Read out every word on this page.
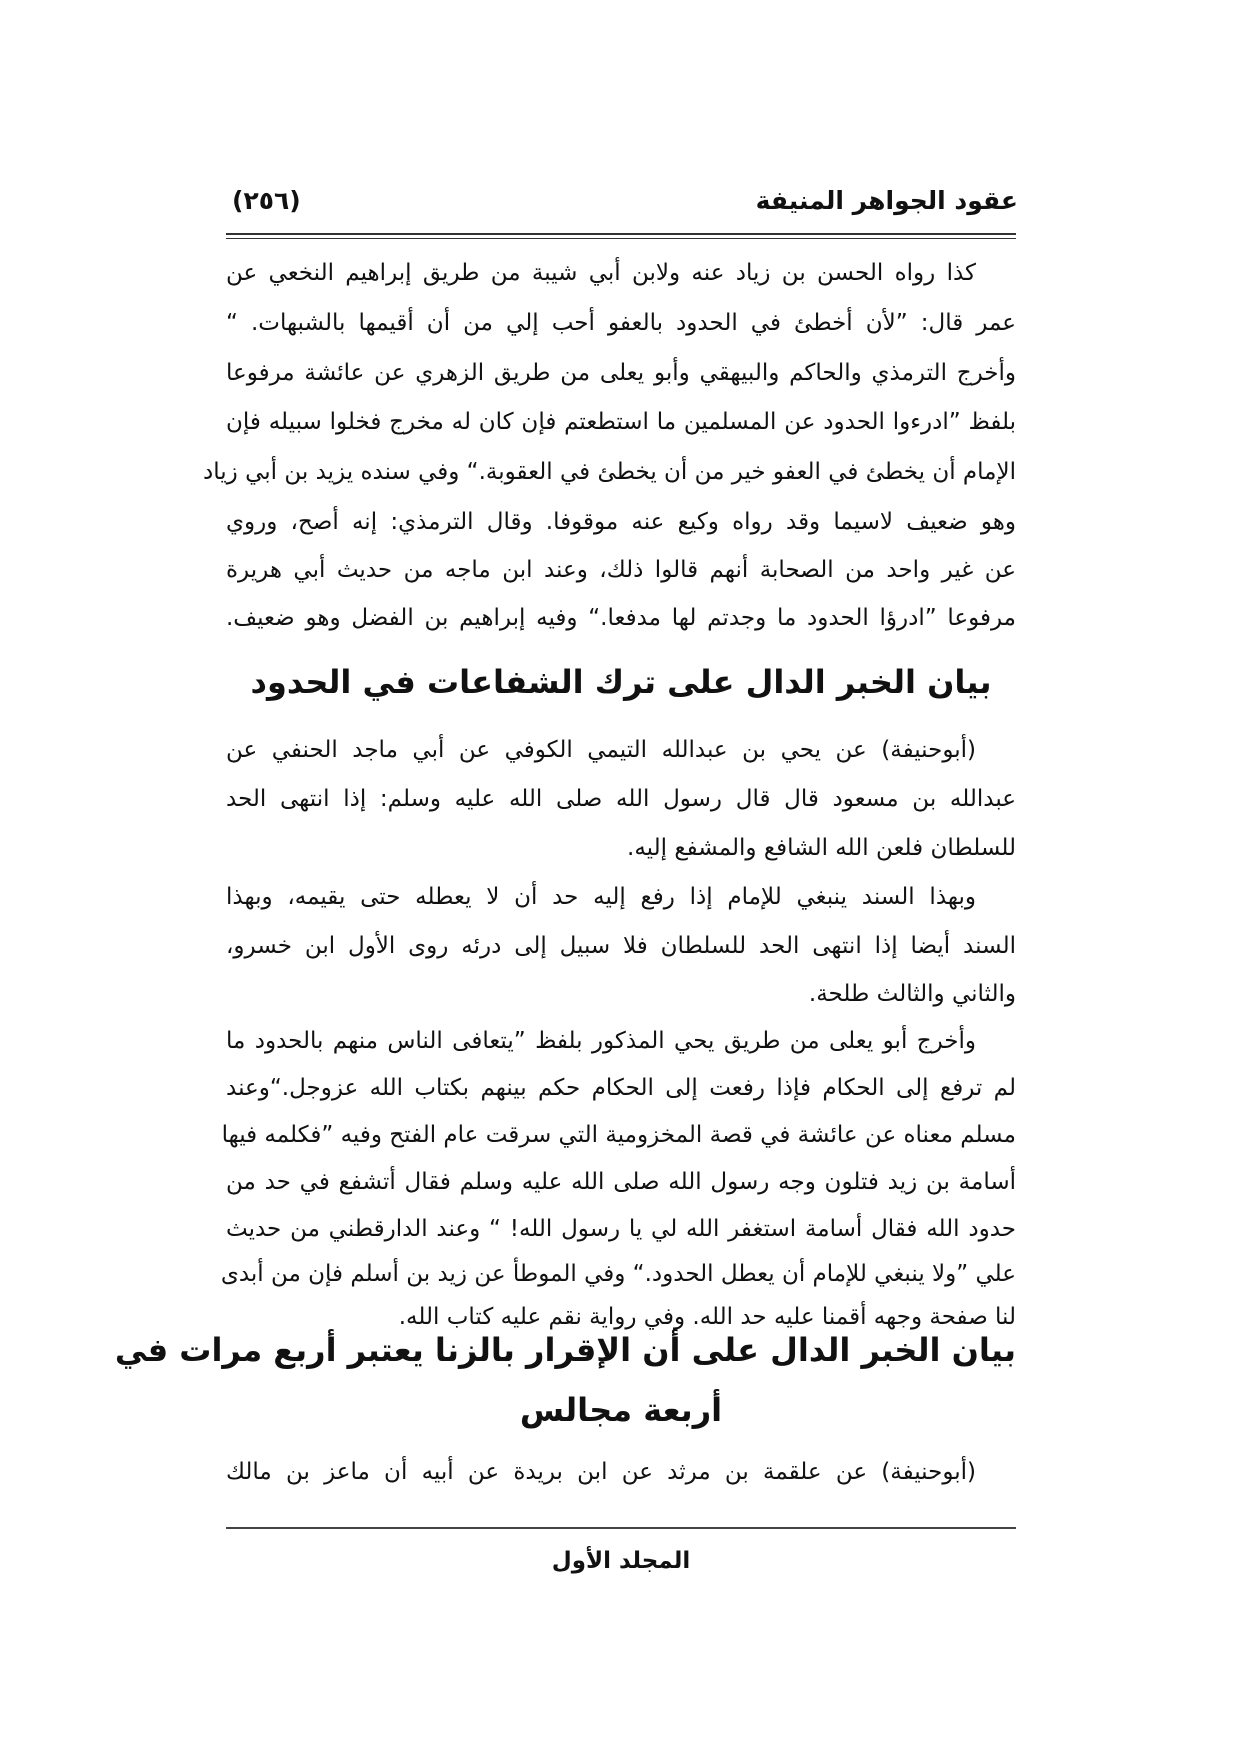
عقود الجواهر المنيفة
(٢٥٦)
كذا رواه الحسن بن زياد عنه ولابن أبي شيبة من طريق إبراهيم النخعي عن
عمر قال: ”لأن أخطئ في الحدود بالعفو أحب إلي من أن أقيمها بالشبهات. “
وأخرج الترمذي والحاكم والبيهقي وأبو يعلى من طريق الزهري عن عائشة مرفوعا
بلفظ ”ادرءوا الحدود عن المسلمين ما استطعتم فإن كان له مخرج فخلوا سبيله فإن
الإمام أن يخطئ في العفو خير من أن يخطئ في العقوبة.“ وفي سنده يزيد بن أبي زياد
وهو ضعيف لاسيما وقد رواه وكيع عنه موقوفا. وقال الترمذي: إنه أصح، وروي
عن غير واحد من الصحابة أنهم قالوا ذلك، وعند ابن ماجه من حديث أبي هريرة
مرفوعا ”ادرؤا الحدود ما وجدتم لها مدفعا.“ وفيه إبراهيم بن الفضل وهو ضعيف.
بيان الخبر الدال على ترك الشفاعات في الحدود
(أبوحنيفة) عن يحي بن عبدالله التيمي الكوفي عن أبي ماجد الحنفي عن
عبدالله بن مسعود قال قال رسول الله صلى الله عليه وسلم: إذا انتهى الحد
للسلطان فلعن الله الشافع والمشفع إليه.
وبهذا السند ينبغي للإمام إذا رفع إليه حد أن لا يعطله حتى يقيمه، وبهذا
السند أيضا إذا انتهى الحد للسلطان فلا سبيل إلى درئه روى الأول ابن خسرو،
والثاني والثالث طلحة.
وأخرج أبو يعلى من طريق يحي المذكور بلفظ ”يتعافى الناس منهم بالحدود ما
لم ترفع إلى الحكام فإذا رفعت إلى الحكام حكم بينهم بكتاب الله عزوجل.“وعند
مسلم معناه عن عائشة في قصة المخزومية التي سرقت عام الفتح وفيه ”فكلمه فيها
أسامة بن زيد فتلون وجه رسول الله صلى الله عليه وسلم فقال أتشفع في حد من
حدود الله فقال أسامة استغفر الله لي يا رسول الله! “ وعند الدارقطني من حديث
علي ”ولا ينبغي للإمام أن يعطل الحدود.“ وفي الموطأ عن زيد بن أسلم فإن من أبدى
لنا صفحة وجهه أقمنا عليه حد الله. وفي رواية نقم عليه كتاب الله.
بيان الخبر الدال على أن الإقرار بالزنا يعتبر أربع مرات في
أربعة مجالس
(أبوحنيفة) عن علقمة بن مرثد عن ابن بريدة عن أبيه أن ماعز بن مالك
المجلد الأول
